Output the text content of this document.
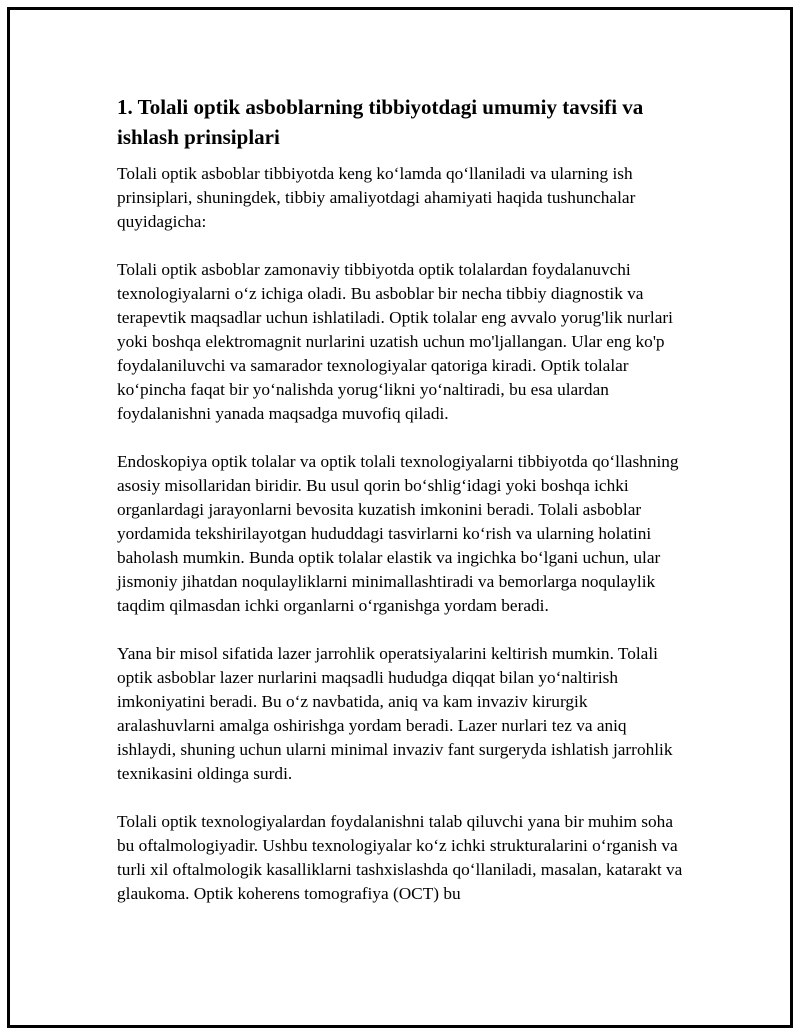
1. Tolali optik asboblarning tibbiyotdagi umumiy tavsifi va ishlash prinsiplari

Tolali optik asboblar tibbiyotda keng koʻlamda qoʻllaniladi va ularning ish prinsiplari, shuningdek, tibbiy amaliyotdagi ahamiyati haqida tushunchalar quyidagicha:

Tolali optik asboblar zamonaviy tibbiyotda optik tolalardan foydalanuvchi texnologiyalarni oʻz ichiga oladi. Bu asboblar bir necha tibbiy diagnostik va terapevtik maqsadlar uchun ishlatiladi. Optik tolalar eng avvalo yorug'lik nurlari yoki boshqa elektromagnit nurlarini uzatish uchun mo'ljallangan. Ular eng ko'p foydalaniluvchi va samarador texnologiyalar qatoriga kiradi. Optik tolalar koʻpincha faqat bir yoʻnalishda yorugʻlikni yoʻnaltiradi, bu esa ulardan foydalanishni yanada maqsadga muvofiq qiladi.

Endoskopiya optik tolalar va optik tolali texnologiyalarni tibbiyotda qoʻllashning asosiy misollaridan biridir. Bu usul qorin boʻshligʻidagi yoki boshqa ichki organlardagi jarayonlarni bevosita kuzatish imkonini beradi. Tolali asboblar yordamida tekshirilayotgan hududdagi tasvirlarni koʻrish va ularning holatini baholash mumkin. Bunda optik tolalar elastik va ingichka boʻlgani uchun, ular jismoniy jihatdan noqulayliklarni minimallashtiradi va bemorlarga noqulaylik taqdim qilmasdan ichki organlarni oʻrganishga yordam beradi.

Yana bir misol sifatida lazer jarrohlik operatsiyalarini keltirish mumkin. Tolali optik asboblar lazer nurlarini maqsadli hududga diqqat bilan yoʻnaltirish imkoniyatini beradi. Bu oʻz navbatida, aniq va kam invaziv kirurgik aralashuvlarni amalga oshirishga yordam beradi. Lazer nurlari tez va aniq ishlaydi, shuning uchun ularni minimal invaziv fant surgeryda ishlatish jarrohlik texnikasini oldinga surdi.

Tolali optik texnologiyalardan foydalanishni talab qiluvchi yana bir muhim soha bu oftalmologiyadir. Ushbu texnologiyalar koʻz ichki strukturalarini oʻrganish va turli xil oftalmologik kasalliklarni tashxislashda qoʻllaniladi, masalan, katarakt va glaukoma. Optik koherens tomografiya (OCT) bu
